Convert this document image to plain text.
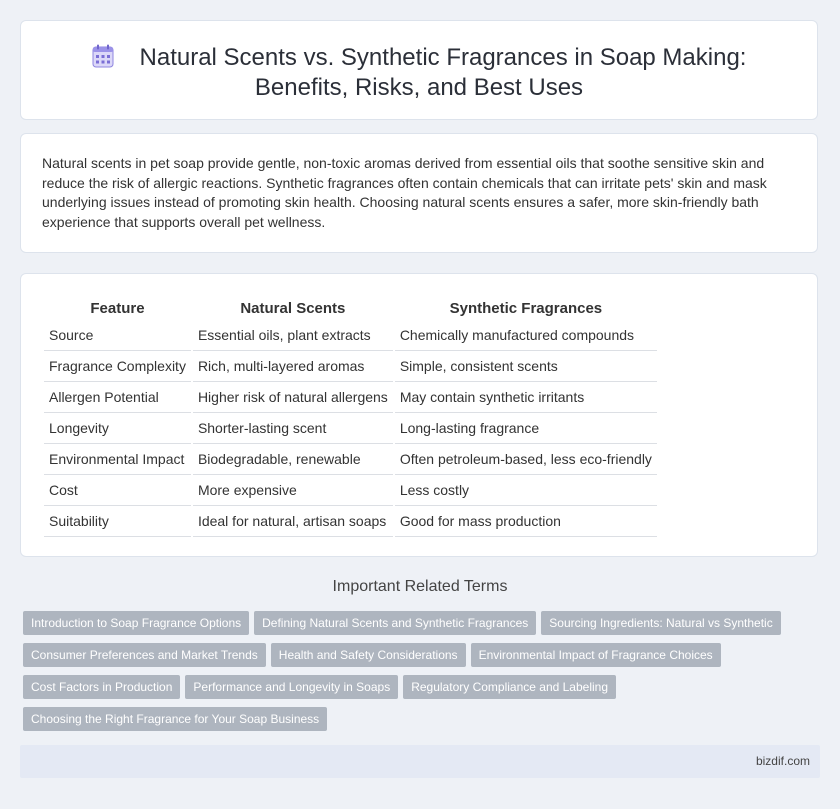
Natural Scents vs. Synthetic Fragrances in Soap Making: Benefits, Risks, and Best Uses

Natural scents in pet soap provide gentle, non-toxic aromas derived from essential oils that soothe sensitive skin and reduce the risk of allergic reactions. Synthetic fragrances often contain chemicals that can irritate pets' skin and mask underlying issues instead of promoting skin health. Choosing natural scents ensures a safer, more skin-friendly bath experience that supports overall pet wellness.

Feature	Natural Scents	Synthetic Fragrances
Source	Essential oils, plant extracts	Chemically manufactured compounds
Fragrance Complexity	Rich, multi-layered aromas	Simple, consistent scents
Allergen Potential	Higher risk of natural allergens	May contain synthetic irritants
Longevity	Shorter-lasting scent	Long-lasting fragrance
Environmental Impact	Biodegradable, renewable	Often petroleum-based, less eco-friendly
Cost	More expensive	Less costly
Suitability	Ideal for natural, artisan soaps	Good for mass production
Important Related Terms
Introduction to Soap Fragrance Options Defining Natural Scents and Synthetic Fragrances Sourcing Ingredients: Natural vs Synthetic
Consumer Preferences and Market Trends Health and Safety Considerations Environmental Impact of Fragrance Choices
Cost Factors in Production Performance and Longevity in Soaps Regulatory Compliance and Labeling
Choosing the Right Fragrance for Your Soap Business
bizdif.com
